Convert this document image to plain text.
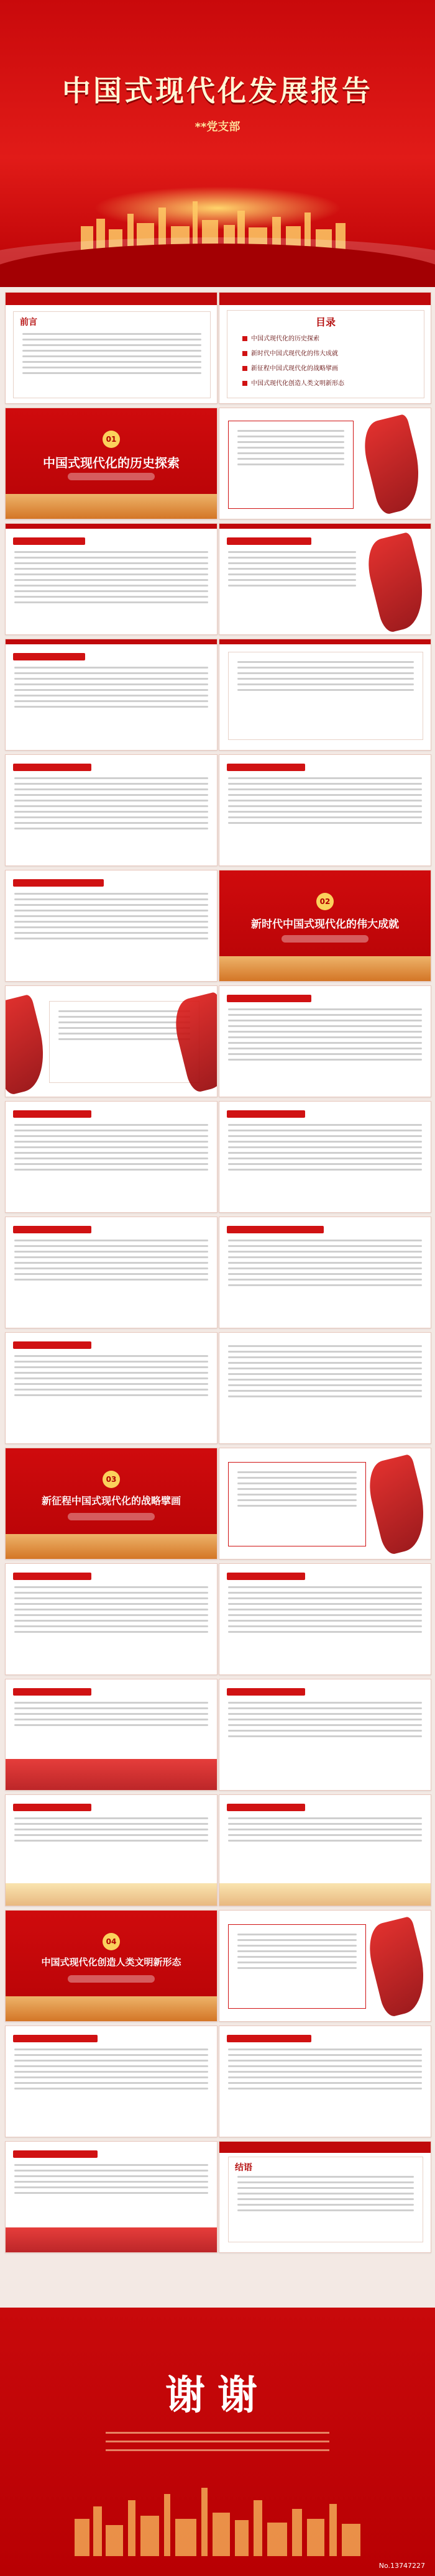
中国式现代化发展报告
**党支部
前言	目录
中国式现代化的历史探索
新时代中国式现代化的伟大成就
新征程中国式现代化的战略擘画
中国式现代化创造人类文明新形态
01
中国式现代化的历史探索
02
新时代中国式现代化的伟大成就
03
新征程中国式现代化的战略擘画
04
中国式现代化创造人类文明新形态
结语
谢谢
No.13747227
